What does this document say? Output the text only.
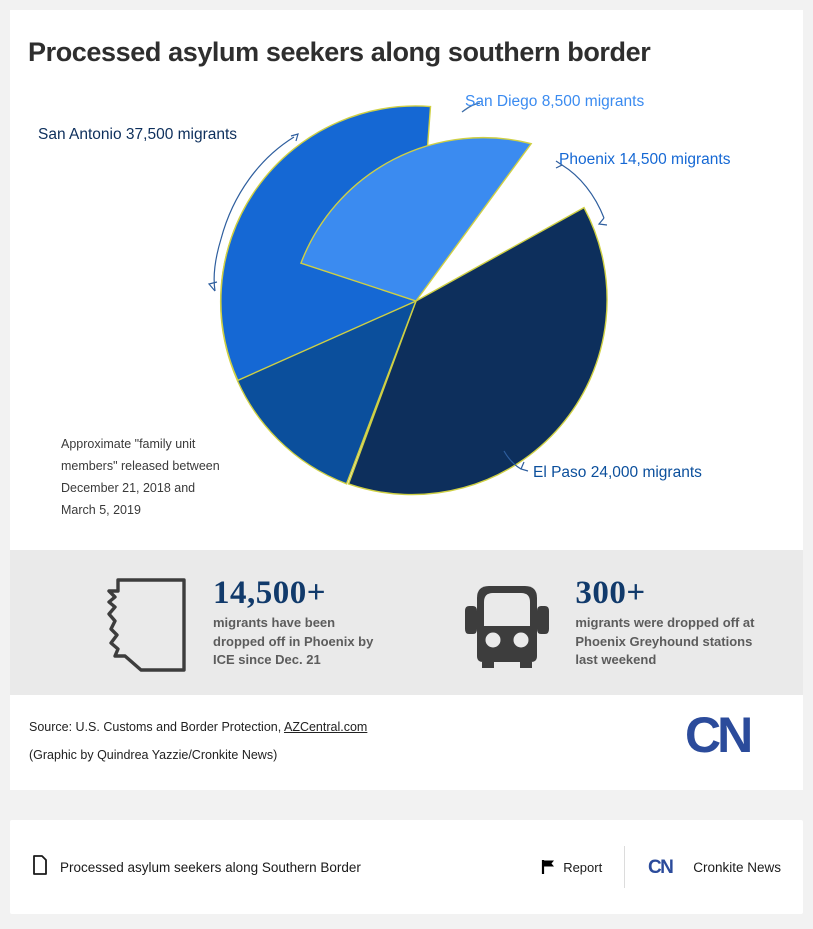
Processed asylum seekers along southern border
San Diego 8,500 migrants
Phoenix 14,500 migrants
El Paso 24,000 migrants
San Antonio 37,500 migrants
Approximate "family unit
members" released between
December 21, 2018 and
March 5, 2019
14,500+
migrants have been
dropped off in Phoenix by
ICE since Dec. 21
300+
migrants were dropped off at
Phoenix Greyhound stations
last weekend
Source: U.S. Customs and Border Protection, AZCentral.com
(Graphic by Quindrea Yazzie/Cronkite News)	CN
Processed asylum seekers along Southern Border	Report CN Cronkite News
